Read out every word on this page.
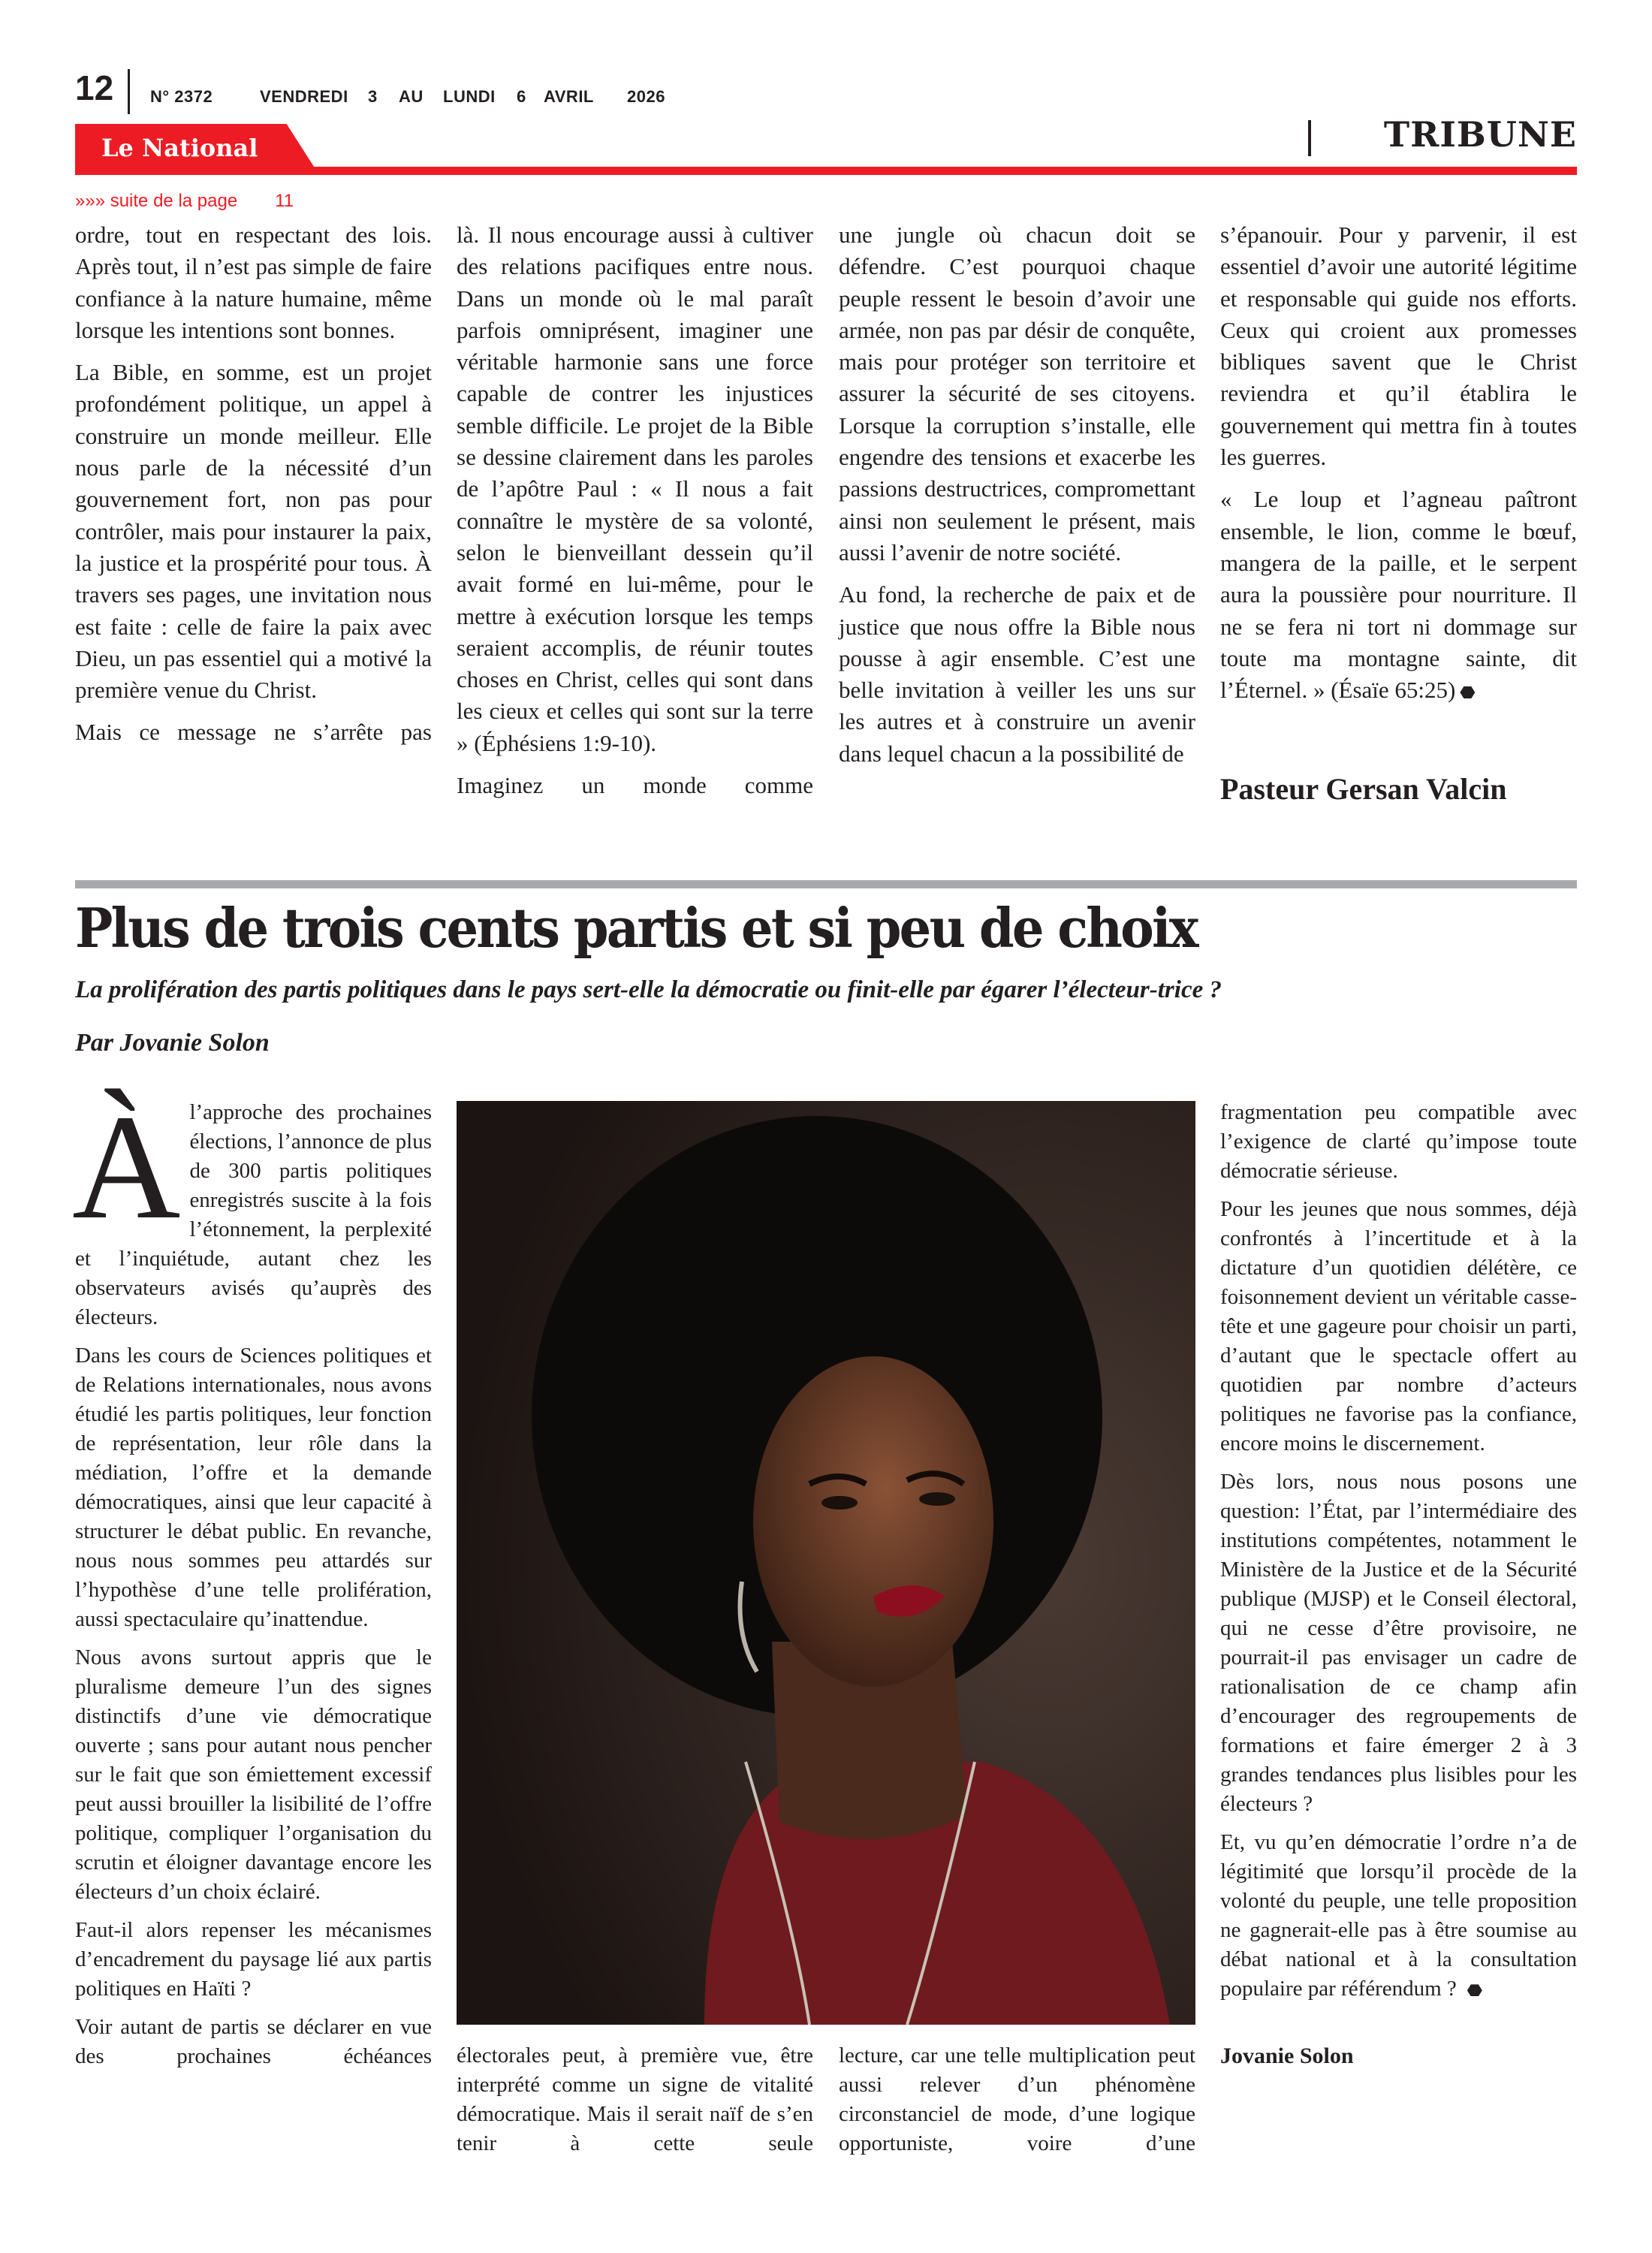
12 N° 2372	VENDREDI 3 AU LUNDI 6 AVRIL 2026
Le National	TRIBUNE
»»» suite de la page 11

ordre, tout en respectant des lois. Après tout, il n’est pas simple de faire confiance à la nature humaine, même lorsque les intentions sont bonnes.

La Bible, en somme, est un projet profondément politique, un appel à construire un monde meilleur. Elle nous parle de la nécessité d’un gouvernement fort, non pas pour contrôler, mais pour instaurer la paix, la justice et la prospérité pour tous. À travers ses pages, une invitation nous est faite : celle de faire la paix avec Dieu, un pas essentiel qui a motivé la première venue du Christ.

Mais ce message ne s’arrête pas

là. Il nous encourage aussi à cultiver des relations pacifiques entre nous. Dans un monde où le mal paraît parfois omniprésent, imaginer une véritable harmonie sans une force capable de contrer les injustices semble difficile. Le projet de la Bible se dessine clairement dans les paroles de l’apôtre Paul : « Il nous a fait connaître le mystère de sa volonté, selon le bienveillant dessein qu’il avait formé en lui-même, pour le mettre à exécution lorsque les temps seraient accomplis, de réunir toutes choses en Christ, celles qui sont dans les cieux et celles qui sont sur la terre » (Éphésiens 1:9-10).

Imaginez un monde comme

une jungle où chacun doit se défendre. C’est pourquoi chaque peuple ressent le besoin d’avoir une armée, non pas par désir de conquête, mais pour protéger son territoire et assurer la sécurité de ses citoyens. Lorsque la corruption s’installe, elle engendre des tensions et exacerbe les passions destructrices, compromettant ainsi non seulement le présent, mais aussi l’avenir de notre société.

Au fond, la recherche de paix et de justice que nous offre la Bible nous pousse à agir ensemble. C’est une belle invitation à veiller les uns sur les autres et à construire un avenir dans lequel chacun a la possibilité de

s’épanouir. Pour y parvenir, il est essentiel d’avoir une autorité légitime et responsable qui guide nos efforts. Ceux qui croient aux promesses bibliques savent que le Christ reviendra et qu’il établira le gouvernement qui mettra fin à toutes les guerres.

« Le loup et l’agneau paîtront ensemble, le lion, comme le bœuf, mangera de la paille, et le serpent aura la poussière pour nourriture. Il ne se fera ni tort ni dommage sur toute ma montagne sainte, dit l’Éternel. » (Ésaïe 65:25)

Pasteur Gersan Valcin

Plus de trois cents partis et si peu de choix
La prolifération des partis politiques dans le pays sert-elle la démocratie ou finit-elle par égarer l’électeur-trice ?
Par Jovanie Solon

Àl’approche des prochaines élections, l’annonce de plus de 300 partis politiques enregistrés suscite à la fois l’étonnement, la perplexité et l’inquiétude, autant chez les observateurs avisés qu’auprès des électeurs.

Dans les cours de Sciences politiques et de Relations internationales, nous avons étudié les partis politiques, leur fonction de représentation, leur rôle dans la médiation, l’offre et la demande démocratiques, ainsi que leur capacité à structurer le débat public. En revanche, nous nous sommes peu attardés sur l’hypothèse d’une telle prolifération, aussi spectaculaire qu’inattendue.

Nous avons surtout appris que le pluralisme demeure l’un des signes distinctifs d’une vie démocratique ouverte ; sans pour autant nous pencher sur le fait que son émiettement excessif peut aussi brouiller la lisibilité de l’offre politique, compliquer l’organisation du scrutin et éloigner davantage encore les électeurs d’un choix éclairé.

Faut-il alors repenser les mécanismes d’encadrement du paysage lié aux partis politiques en Haïti ?

Voir autant de partis se déclarer en vue des prochaines échéances électorales peut, à première vue, être interprété comme un signe de vitalité démocratique. Mais il serait naïf de s’en tenir à cette seule

lecture, car une telle multiplication peut aussi relever d’un phénomène circonstanciel de mode, d’une logique opportuniste, voire d’une

fragmentation peu compatible avec l’exigence de clarté qu’impose toute démocratie sérieuse.

Pour les jeunes que nous sommes, déjà confrontés à l’incertitude et à la dictature d’un quotidien délétère, ce foisonnement devient un véritable casse-tête et une gageure pour choisir un parti, d’autant que le spectacle offert au quotidien par nombre d’acteurs politiques ne favorise pas la confiance, encore moins le discernement.

Dès lors, nous nous posons une question: l’État, par l’intermédiaire des institutions compétentes, notamment le Ministère de la Justice et de la Sécurité publique (MJSP) et le Conseil électoral, qui ne cesse d’être provisoire, ne pourrait-il pas envisager un cadre de rationalisation de ce champ afin d’encourager des regroupements de formations et faire émerger 2 à 3 grandes tendances plus lisibles pour les électeurs ?

Et, vu qu’en démocratie l’ordre n’a de légitimité que lorsqu’il procède de la volonté du peuple, une telle proposition ne gagnerait-elle pas à être soumise au débat national et à la consultation populaire par référendum ?

Jovanie Solon
